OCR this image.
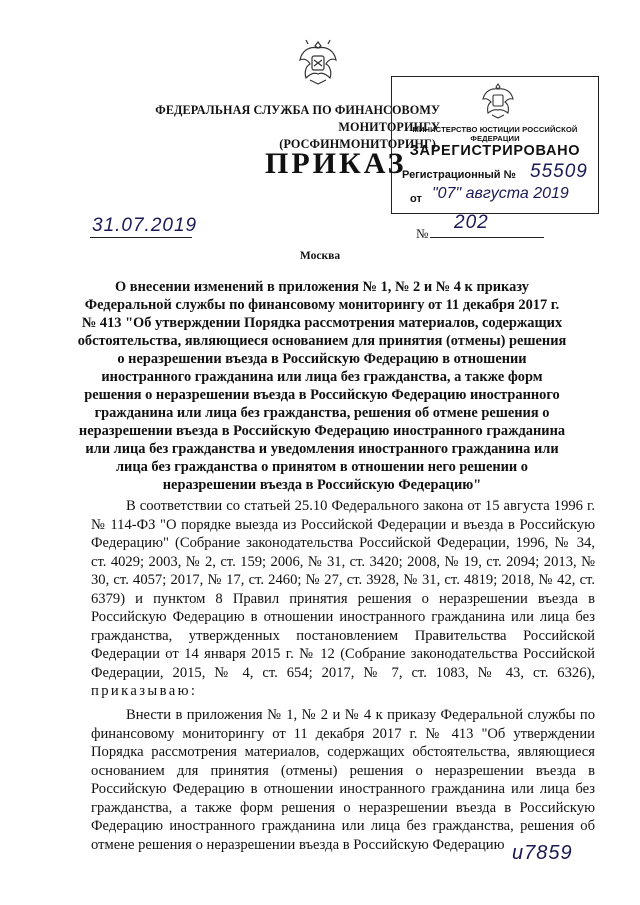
ФЕДЕРАЛЬНАЯ СЛУЖБА ПО ФИНАНСОВОМУ МОНИТОРИНГУ
(РОСФИНМОНИТОРИНГ)
МИНИСТЕРСТВО ЮСТИЦИИ РОССИЙСКОЙ ФЕДЕРАЦИИ
ЗАРЕГИСТРИРОВАНО
Регистрационный № 55509
от "07" августа 2019
ПРИКАЗ
31.07.2019	№
202
Москва
О внесении изменений в приложения № 1, № 2 и № 4 к приказу Федеральной службы по финансовому мониторингу от 11 декабря 2017 г. № 413 "Об утверждении Порядка рассмотрения материалов, содержащих обстоятельства, являющиеся основанием для принятия (отмены) решения о неразрешении въезда в Российскую Федерацию в отношении иностранного гражданина или лица без гражданства, а также форм решения о неразрешении въезда в Российскую Федерацию иностранного гражданина или лица без гражданства, решения об отмене решения о неразрешении въезда в Российскую Федерацию иностранного гражданина или лица без гражданства и уведомления иностранного гражданина или лица без гражданства о принятом в отношении него решении о неразрешении въезда в Российскую Федерацию"
В соответствии со статьей 25.10 Федерального закона от 15 августа 1996 г. № 114-ФЗ "О порядке выезда из Российской Федерации и въезда в Российскую Федерацию" (Собрание законодательства Российской Федерации, 1996, № 34, ст. 4029; 2003, № 2, ст. 159; 2006, № 31, ст. 3420; 2008, № 19, ст. 2094; 2013, № 30, ст. 4057; 2017, № 17, ст. 2460; № 27, ст. 3928, № 31, ст. 4819; 2018, № 42, ст. 6379) и пунктом 8 Правил принятия решения о неразрешении въезда в Российскую Федерацию в отношении иностранного гражданина или лица без гражданства, утвержденных постановлением Правительства Российской Федерации от 14 января 2015 г. № 12 (Собрание законодательства Российской Федерации, 2015, № 4, ст. 654; 2017, № 7, ст. 1083, № 43, ст. 6326), приказываю:
Внести в приложения № 1, № 2 и № 4 к приказу Федеральной службы по финансовому мониторингу от 11 декабря 2017 г. № 413 "Об утверждении Порядка рассмотрения материалов, содержащих обстоятельства, являющиеся основанием для принятия (отмены) решения о неразрешении въезда в Российскую Федерацию в отношении иностранного гражданина или лица без гражданства, а также форм решения о неразрешении въезда в Российскую Федерацию иностранного гражданина или лица без гражданства, решения об отмене решения о неразрешении въезда в Российскую Федерацию и7859
